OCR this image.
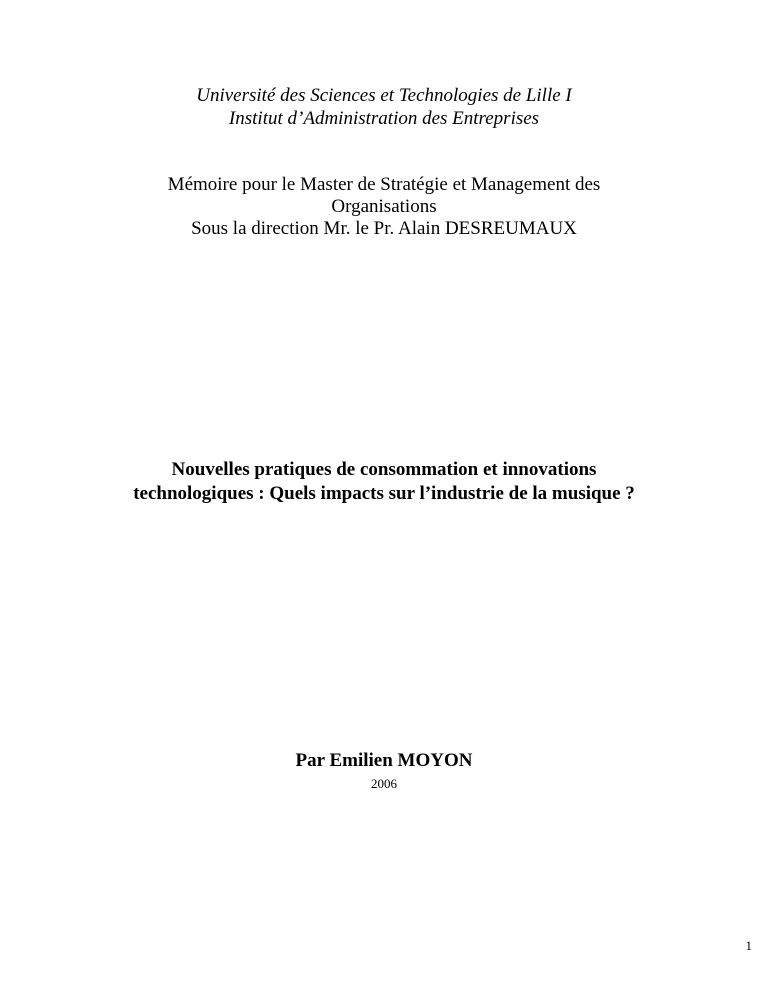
Université des Sciences et Technologies de Lille I
Institut d’Administration des Entreprises
Mémoire pour le Master de Stratégie et Management des
Organisations
Sous la direction Mr. le Pr. Alain DESREUMAUX
Nouvelles pratiques de consommation et innovations
technologiques : Quels impacts sur l’industrie de la musique ?
Par Emilien MOYON
2006
1
